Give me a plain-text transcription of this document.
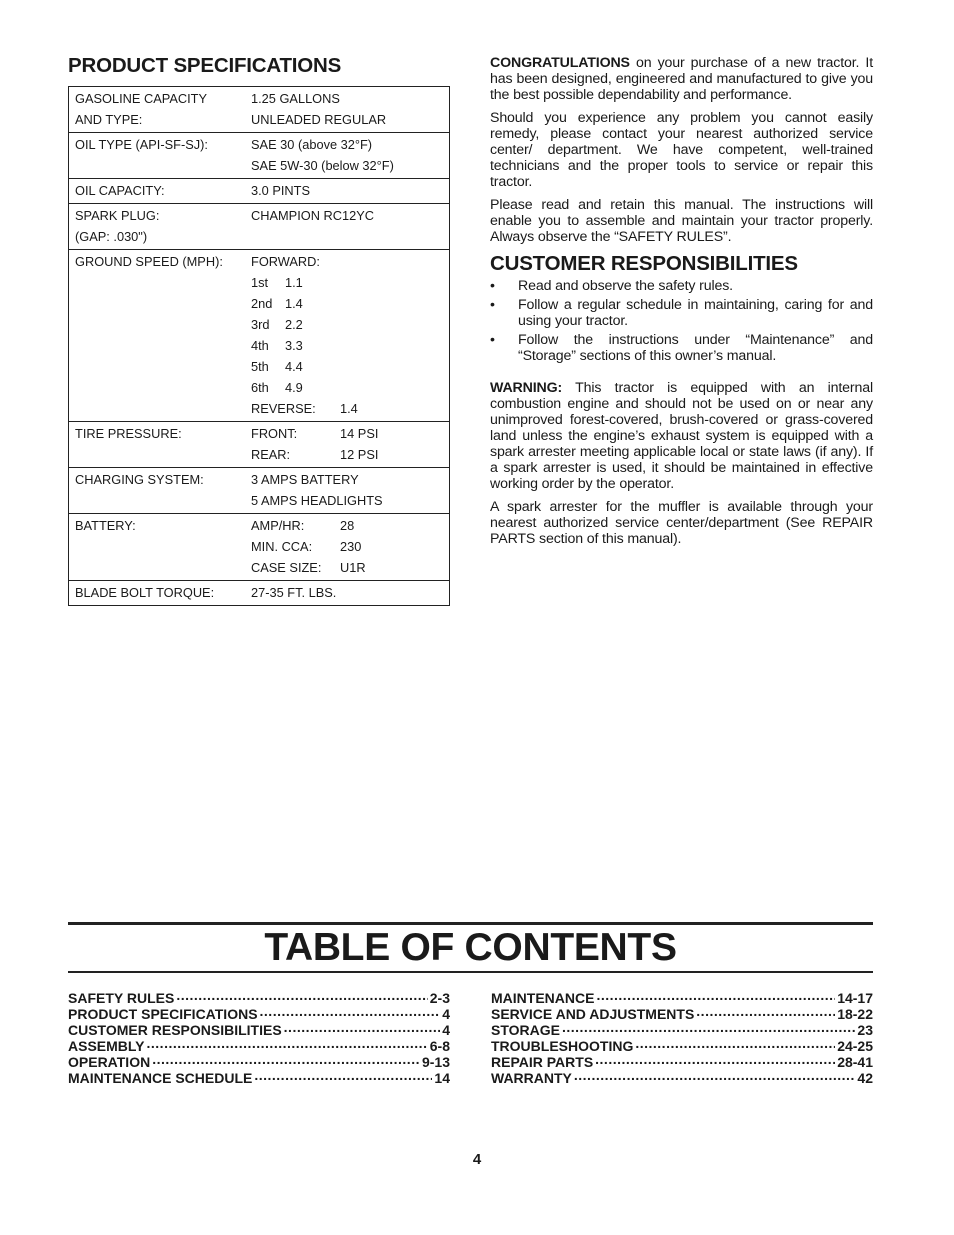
PRODUCT SPECIFICATIONS
GASOLINE CAPACITY	1.25 GALLONS
AND TYPE:	UNLEADED REGULAR
OIL TYPE (API-SF-SJ):	SAE 30 (above 32°F)
SAE 5W-30 (below 32°F)
OIL CAPACITY:	3.0 PINTS
SPARK PLUG:	CHAMPION RC12YC
(GAP: .030")
GROUND SPEED (MPH):	FORWARD:
1st	1.1
2nd 1.4
3rd	2.2
4th	3.3
5th	4.4
6th	4.9
REVERSE:	1.4
TIRE PRESSURE:	FRONT:	14 PSI
REAR:	12 PSI
CHARGING SYSTEM:	3 AMPS BATTERY
5 AMPS HEADLIGHTS
BATTERY:	AMP/HR:	28
MIN. CCA:	230
CASE SIZE:	U1R
BLADE BOLT TORQUE:	27-35 FT. LBS.

CONGRATULATIONS on your purchase of a new tractor. It has been designed, engineered and manufactured to give you the best possible dependability and performance.

Should you experience any problem you cannot easily remedy, please contact your nearest authorized service center/ department. We have competent, well-trained technicians and the proper tools to service or repair this tractor.

Please read and retain this manual. The instructions will enable you to assemble and maintain your tractor properly. Always observe the “SAFETY RULES”.

CUSTOMER RESPONSIBILITIES
• Read and observe the safety rules.
• Follow a regular schedule in maintaining, caring for and using your tractor.
• Follow the instructions under “Maintenance” and “Storage” sections of this owner’s manual.

WARNING: This tractor is equipped with an internal combustion engine and should not be used on or near any unimproved forest-covered, brush-covered or grass-covered land unless the engine’s exhaust system is equipped with a spark arrester meeting applicable local or state laws (if any). If a spark arrester is used, it should be maintained in effective working order by the operator.

A spark arrester for the muffler is available through your nearest authorized service center/department (See REPAIR PARTS section of this manual).

TABLE OF CONTENTS
SAFETY RULES .....	2-3
PRODUCT SPECIFICATIONS .....	4
CUSTOMER RESPONSIBILITIES .....	4
ASSEMBLY .....	6-8
OPERATION .....	9-13
MAINTENANCE SCHEDULE .....	14
MAINTENANCE .....	14-17
SERVICE AND ADJUSTMENTS .....	18-22
STORAGE .....	23
TROUBLESHOOTING .....	24-25
REPAIR PARTS .....	28-41
WARRANTY .....	42
4
